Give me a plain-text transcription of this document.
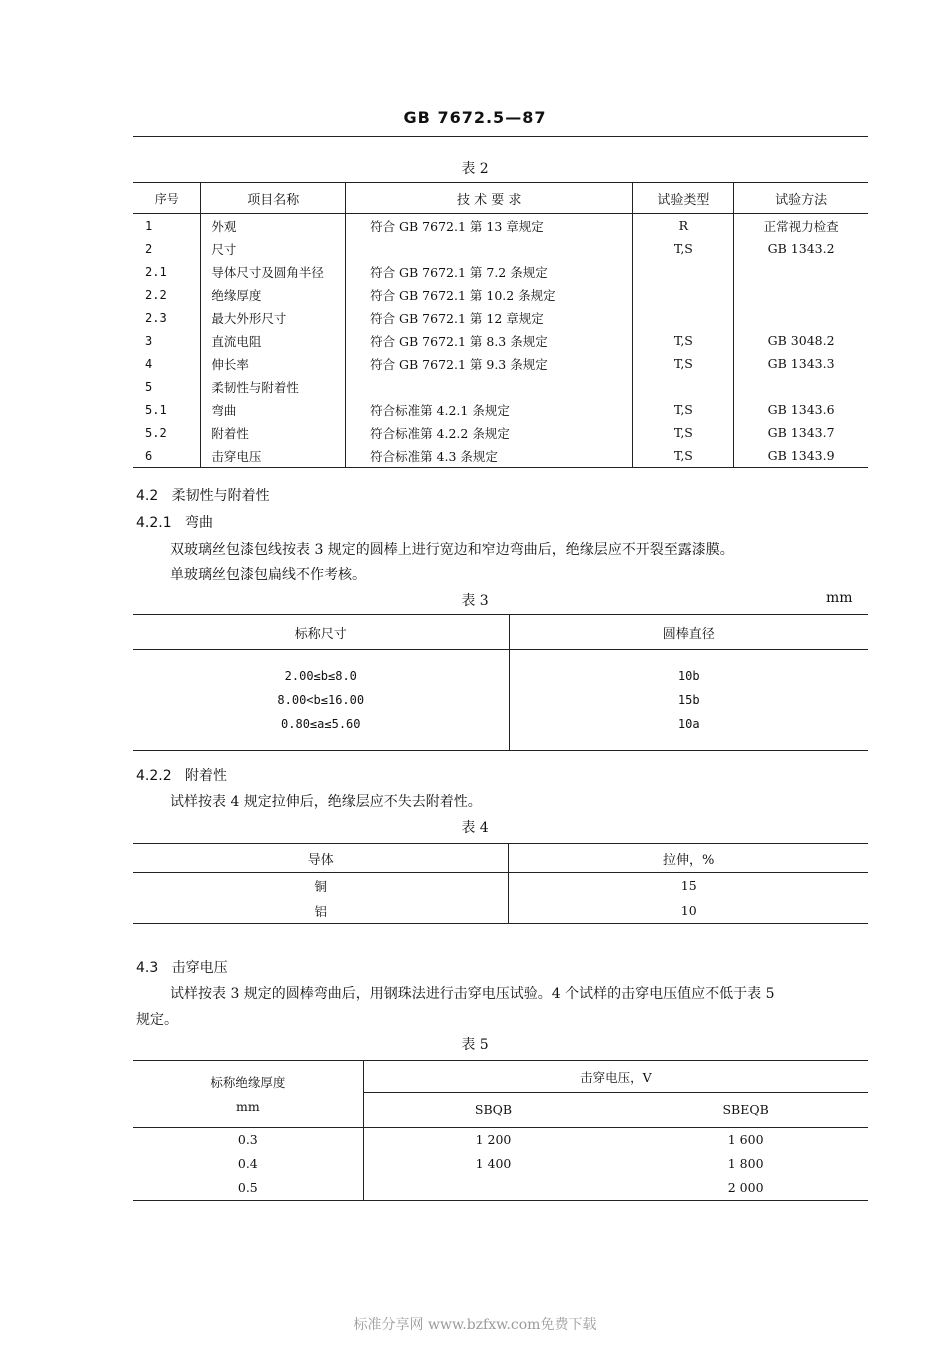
GB 7672.5—87
表 2
序号	项目名称	技 术 要 求	试验类型	试验方法
1	外观	符合 GB 7672.1 第 13 章规定	R	正常视力检查
2	尺寸		T,S	GB 1343.2
2.1	导体尺寸及圆角半径	符合 GB 7672.1 第 7.2 条规定		
2.2	绝缘厚度	符合 GB 7672.1 第 10.2 条规定		
2.3	最大外形尺寸	符合 GB 7672.1 第 12 章规定		
3	直流电阻	符合 GB 7672.1 第 8.3 条规定	T,S	GB 3048.2
4	伸长率	符合 GB 7672.1 第 9.3 条规定	T,S	GB 1343.3
5	柔韧性与附着性			
5.1	弯曲	符合标准第 4.2.1 条规定	T,S	GB 1343.6
5.2	附着性	符合标准第 4.2.2 条规定	T,S	GB 1343.7
6	击穿电压	符合标准第 4.3 条规定	T,S	GB 1343.9
4.2 柔韧性与附着性
4.2.1 弯曲
双玻璃丝包漆包线按表 3 规定的圆棒上进行宽边和窄边弯曲后，绝缘层应不开裂至露漆膜。
单玻璃丝包漆包扁线不作考核。
表 3	mm
标称尺寸	圆棒直径

2.00≤b≤8.0	10b
8.00<b≤16.00	15b
0.80≤a≤5.60	10a

4.2.2 附着性
试样按表 4 规定拉伸后，绝缘层应不失去附着性。
表 4
导体	拉伸，%
铜	15
铝	10
4.3 击穿电压
试样按表 3 规定的圆棒弯曲后，用钢珠法进行击穿电压试验。4 个试样的击穿电压值应不低于表 5
规定。
表 5
标称绝缘厚度	击穿电压，V	
mm	SBQB	SBEQB
0.3	1 200	1 600
0.4	1 400	1 800
0.5		2 000
标准分享网 www.bzfxw.com免费下载
